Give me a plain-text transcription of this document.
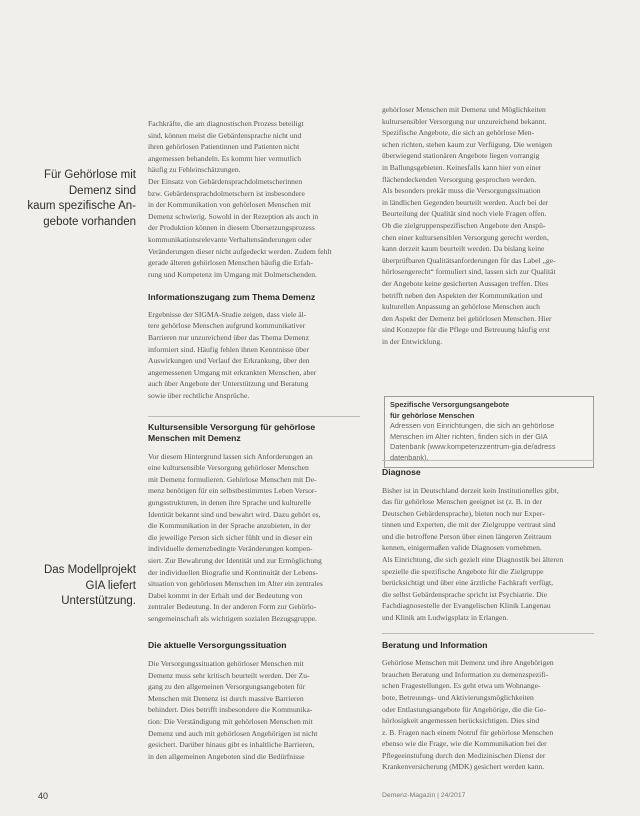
Für Gehörlose mit
Demenz sind
kaum spezifische An-
gebote vorhanden
Das Modellprojekt
GIA liefert
Unterstützung.
Fachkräfte, die am diagnostischen Prozess beteiligt
sind, können meist die Gebärdensprache nicht und
ihren gehörlosen Patientinnen und Patienten nicht
angemessen behandeln. Es kommt hier vermutlich
häufig zu Fehleinschätzungen.
Der Einsatz von Gebärdensprachdolmetscherinnen
bzw. Gebärdensprachdolmetschern ist insbesondere
in der Kommunikation von gehörlosen Menschen mit
Demenz schwierig. Sowohl in der Rezeption als auch in
der Produktion können in diesem Übersetzungsprozess
kommunikationsrelevante Verhaltensänderungen oder
Veränderungen dieser nicht aufgedeckt werden. Zudem fehlt
gerade älteren gehörlosen Menschen häufig die Erfah-
rung und Kompetenz im Umgang mit Dolmetschenden.
Informationszugang zum Thema Demenz
Ergebnisse der SIGMA-Studie zeigen, dass viele äl-
tere gehörlose Menschen aufgrund kommunikativer
Barrieren nur unzureichend über das Thema Demenz
informiert sind. Häufig fehlen ihnen Kenntnisse über
Auswirkungen und Verlauf der Erkrankung, über den
angemessenen Umgang mit erkrankten Menschen, aber
auch über Angebote der Unterstützung und Beratung
sowie über rechtliche Ansprüche.
Kultursensible Versorgung für gehörlose
Menschen mit Demenz
Vor diesem Hintergrund lassen sich Anforderungen an
eine kultursensible Versorgung gehörloser Menschen
mit Demenz formulieren. Gehörlose Menschen mit De-
menz benötigen für ein selbstbestimmtes Leben Versor-
gungsstrukturen, in denen ihre Sprache und kulturelle
Identität bekannt sind und bewahrt wird. Dazu gehört es,
die Kommunikation in der Sprache anzubieten, in der
die jeweilige Person sich sicher fühlt und in dieser ein
individuelle demenzbedingte Veränderungen kompen-
siert. Zur Bewahrung der Identität und zur Ermöglichung
der individuellen Biografie und Kontinuität der Lebens-
situation von gehörlosen Menschen im Alter ein zentrales
Dabei kommt in der Erhalt und der Bedeutung von
zentraler Bedeutung. In der anderen Form zur Gehörlo-
sengemeinschaft als wichtigem sozialen Bezugsgruppe.
Die aktuelle Versorgungssituation
Die Versorgungssituation gehörloser Menschen mit
Demenz muss sehr kritisch beurteilt werden. Der Zu-
gang zu den allgemeinen Versorgungsangeboten für
Menschen mit Demenz ist durch massive Barrieren
behindert. Dies betrifft insbesondere die Kommunika-
tion: Die Verständigung mit gehörlosen Menschen mit
Demenz und auch mit gehörlosen Angehörigen ist nicht
gesichert. Darüber hinaus gibt es inhaltliche Barrieren,
in den allgemeinen Angeboten sind die Bedürfnisse
gehörloser Menschen mit Demenz und Möglichkeiten
kultursensibler Versorgung nur unzureichend bekannt.
Spezifische Angebote, die sich an gehörlose Men-
schen richten, stehen kaum zur Verfügung. Die wenigen
überwiegend stationären Angebote liegen vorrangig
in Ballungsgebieten. Keinesfalls kann hier von einer
flächendeckenden Versorgung gesprochen werden.
Als besonders prekär muss die Versorgungssituation
in ländlichen Gegenden beurteilt werden. Auch bei der
Beurteilung der Qualität sind noch viele Fragen offen.
Ob die zielgruppenspezifischen Angebote den Anspü-
chen einer kultursensiblen Versorgung gerecht werden,
kann derzeit kaum beurteilt werden. Da bislang keine
überprüfbaren Qualitätsanforderungen für das Label „ge-
hörlosengerecht“ formuliert sind, lassen sich zur Qualität
der Angebote keine gesicherten Aussagen treffen. Dies
betrifft neben den Aspekten der Kommunikation und
kulturellen Anpassung an gehörlose Menschen auch
den Aspekt der Demenz bei gehörlosen Menschen. Hier
sind Konzepte für die Pflege und Betreuung häufig erst
in der Entwicklung.
Spezifische Versorgungsangebote
für gehörlose Menschen
Adressen von Einrichtungen, die sich an gehörlose
Menschen im Alter richten, finden sich in der GIA
Datenbank (www.kompetenzzentrum-gia.de/adress
datenbank).
Diagnose
Bisher ist in Deutschland derzeit kein Institutionelles gibt,
das für gehörlose Menschen geeignet ist (z. B. in der
Deutschen Gebärdensprache), bieten noch nur Exper-
tinnen und Experten, die mit der Zielgruppe vertraut sind
und die betroffene Person über einen längeren Zeitraum
kennen, einigermaßen valide Diagnosen vornehmen.
Als Einrichtung, die sich gezielt eine Diagnostik bei älteren
spezielle die spezifische Angebote für die Zielgruppe
berücksichtigt und über eine ärztliche Fachkraft verfügt,
die selbst Gebärdensprache spricht ist Psychiatrie. Die
Fachdiagnosestelle der Evangelischen Klinik Langenau
und Klinik am Ludwigsplatz in Erlangen.
Beratung und Information
Gehörlose Menschen mit Demenz und ihre Angehörigen
brauchen Beratung und Information zu demenzspezifi-
schen Fragestellungen. Es geht etwa um Wohnange-
bote, Betreuungs- und Aktivierungsmöglichkeiten
oder Entlastungsangebote für Angehörige, die die Ge-
hörlosigkeit angemessen berücksichtigen. Dies sind
z. B. Fragen nach einem Notruf für gehörlose Menschen
ebenso wie die Frage, wie die Kommunikation bei der
Pflegeeinstufung durch den Medizinischen Dienst der
Krankenversicherung (MDK) gesichert werden kann.
40	Demenz-Magazin | 24/2017
